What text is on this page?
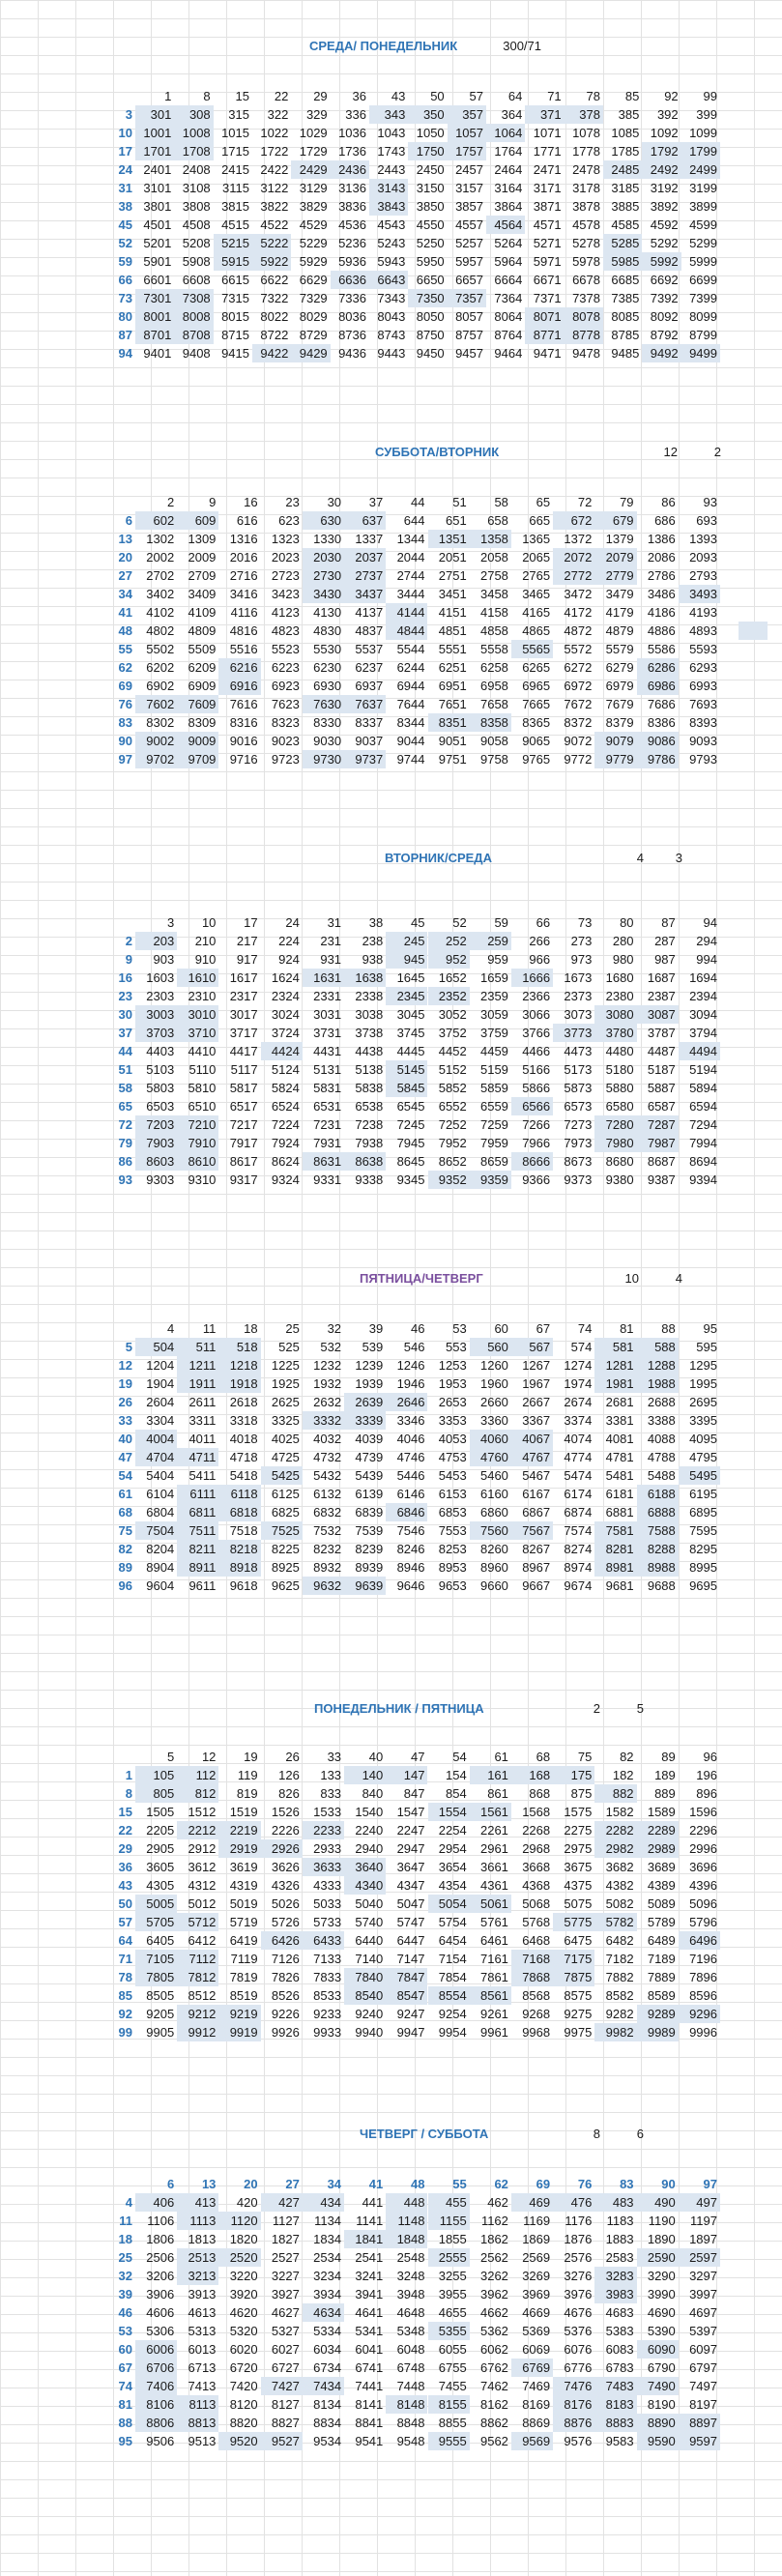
СРЕДА/ ПОНЕДЕЛЬНИК	300/71
1	8	15	22	29	36	43	50	57	64	71	78	85	92	99
3	301	308	315	322	329	336	343	350	357	364	371	378	385	392	399
10 1001 1008 1015 1022 1029 1036 1043 1050 1057 1064 1071 1078 1085 1092 1099
17 1701 1708 1715 1722 1729 1736 1743 1750 1757 1764 1771 1778 1785 1792 1799
24 2401 2408 2415 2422 2429 2436 2443 2450 2457 2464 2471 2478 2485 2492 2499
31 3101 3108 3115 3122 3129 3136 3143 3150 3157 3164 3171 3178 3185 3192 3199
38 3801 3808 3815 3822 3829 3836 3843 3850 3857 3864 3871 3878 3885 3892 3899
45 4501 4508 4515 4522 4529 4536 4543 4550 4557 4564 4571 4578 4585 4592 4599
52 5201 5208 5215 5222 5229 5236 5243 5250 5257 5264 5271 5278 5285 5292 5299
59 5901 5908 5915 5922 5929 5936 5943 5950 5957 5964 5971 5978 5985 5992 5999
66 6601 6608 6615 6622 6629 6636 6643 6650 6657 6664 6671 6678 6685 6692 6699
73 7301 7308 7315 7322 7329 7336 7343 7350 7357 7364 7371 7378 7385 7392 7399
80 8001 8008 8015 8022 8029 8036 8043 8050 8057 8064 8071 8078 8085 8092 8099
87 8701 8708 8715 8722 8729 8736 8743 8750 8757 8764 8771 8778 8785 8792 8799
94 9401 9408 9415 9422 9429 9436 9443 9450 9457 9464 9471 9478 9485 9492 9499
СУББОТА/ВТОРНИК	12	2
2	9	16	23	30	37	44	51	58	65	72	79	86	93
6	602	609	616	623	630	637	644	651	658	665	672	679	686	693
13	1302	1309	1316	1323	1330	1337	1344	1351	1358	1365	1372	1379	1386	1393
20	2002	2009	2016	2023	2030	2037	2044	2051	2058	2065	2072	2079	2086	2093
27	2702	2709	2716	2723	2730	2737	2744	2751	2758	2765	2772	2779	2786	2793
34	3402	3409	3416	3423	3430	3437	3444	3451	3458	3465	3472	3479	3486	3493
41	4102	4109	4116	4123	4130	4137	4144	4151	4158	4165	4172	4179	4186	4193
48	4802	4809	4816	4823	4830	4837	4844	4851	4858	4865	4872	4879	4886	4893
55	5502	5509	5516	5523	5530	5537	5544	5551	5558	5565	5572	5579	5586	5593
62	6202	6209	6216	6223	6230	6237	6244	6251	6258	6265	6272	6279	6286	6293
69	6902	6909	6916	6923	6930	6937	6944	6951	6958	6965	6972	6979	6986	6993
76	7602	7609	7616	7623	7630	7637	7644	7651	7658	7665	7672	7679	7686	7693
83	8302	8309	8316	8323	8330	8337	8344	8351	8358	8365	8372	8379	8386	8393
90	9002	9009	9016	9023	9030	9037	9044	9051	9058	9065	9072	9079	9086	9093
97	9702	9709	9716	9723	9730	9737	9744	9751	9758	9765	9772	9779	9786	9793
ВТОРНИК/СРЕДА	4	3
3	10	17	24	31	38	45	52	59	66	73	80	87	94
2	203	210	217	224	231	238	245	252	259	266	273	280	287	294
9	903	910	917	924	931	938	945	952	959	966	973	980	987	994
16	1603	1610	1617	1624	1631	1638	1645	1652	1659	1666	1673	1680	1687	1694
23	2303	2310	2317	2324	2331	2338	2345	2352	2359	2366	2373	2380	2387	2394
30	3003	3010	3017	3024	3031	3038	3045	3052	3059	3066	3073	3080	3087	3094
37	3703	3710	3717	3724	3731	3738	3745	3752	3759	3766	3773	3780	3787	3794
44	4403	4410	4417	4424	4431	4438	4445	4452	4459	4466	4473	4480	4487	4494
51	5103	5110	5117	5124	5131	5138	5145	5152	5159	5166	5173	5180	5187	5194
58	5803	5810	5817	5824	5831	5838	5845	5852	5859	5866	5873	5880	5887	5894
65	6503	6510	6517	6524	6531	6538	6545	6552	6559	6566	6573	6580	6587	6594
72	7203	7210	7217	7224	7231	7238	7245	7252	7259	7266	7273	7280	7287	7294
79	7903	7910	7917	7924	7931	7938	7945	7952	7959	7966	7973	7980	7987	7994
86	8603	8610	8617	8624	8631	8638	8645	8652	8659	8666	8673	8680	8687	8694
93	9303	9310	9317	9324	9331	9338	9345	9352	9359	9366	9373	9380	9387	9394
ПЯТНИЦА/ЧЕТВЕРГ	10	4
4	11	18	25	32	39	46	53	60	67	74	81	88	95
5	504	511	518	525	532	539	546	553	560	567	574	581	588	595
12	1204	1211	1218	1225	1232	1239	1246	1253	1260	1267	1274	1281	1288	1295
19	1904	1911	1918	1925	1932	1939	1946	1953	1960	1967	1974	1981	1988	1995
26	2604	2611	2618	2625	2632	2639	2646	2653	2660	2667	2674	2681	2688	2695
33	3304	3311	3318	3325	3332	3339	3346	3353	3360	3367	3374	3381	3388	3395
40	4004	4011	4018	4025	4032	4039	4046	4053	4060	4067	4074	4081	4088	4095
47	4704	4711	4718	4725	4732	4739	4746	4753	4760	4767	4774	4781	4788	4795
54	5404	5411	5418	5425	5432	5439	5446	5453	5460	5467	5474	5481	5488	5495
61	6104	6111	6118	6125	6132	6139	6146	6153	6160	6167	6174	6181	6188	6195
68	6804	6811	6818	6825	6832	6839	6846	6853	6860	6867	6874	6881	6888	6895
75	7504	7511	7518	7525	7532	7539	7546	7553	7560	7567	7574	7581	7588	7595
82	8204	8211	8218	8225	8232	8239	8246	8253	8260	8267	8274	8281	8288	8295
89	8904	8911	8918	8925	8932	8939	8946	8953	8960	8967	8974	8981	8988	8995
96	9604	9611	9618	9625	9632	9639	9646	9653	9660	9667	9674	9681	9688	9695
ПОНЕДЕЛЬНИК / ПЯТНИЦА	2	5
5	12	19	26	33	40	47	54	61	68	75	82	89	96
1	105	112	119	126	133	140	147	154	161	168	175	182	189	196
8	805	812	819	826	833	840	847	854	861	868	875	882	889	896
15	1505	1512	1519	1526	1533	1540	1547	1554	1561	1568	1575	1582	1589	1596
22	2205	2212	2219	2226	2233	2240	2247	2254	2261	2268	2275	2282	2289	2296
29	2905	2912	2919	2926	2933	2940	2947	2954	2961	2968	2975	2982	2989	2996
36	3605	3612	3619	3626	3633	3640	3647	3654	3661	3668	3675	3682	3689	3696
43	4305	4312	4319	4326	4333	4340	4347	4354	4361	4368	4375	4382	4389	4396
50	5005	5012	5019	5026	5033	5040	5047	5054	5061	5068	5075	5082	5089	5096
57	5705	5712	5719	5726	5733	5740	5747	5754	5761	5768	5775	5782	5789	5796
64	6405	6412	6419	6426	6433	6440	6447	6454	6461	6468	6475	6482	6489	6496
71	7105	7112	7119	7126	7133	7140	7147	7154	7161	7168	7175	7182	7189	7196
78	7805	7812	7819	7826	7833	7840	7847	7854	7861	7868	7875	7882	7889	7896
85	8505	8512	8519	8526	8533	8540	8547	8554	8561	8568	8575	8582	8589	8596
92	9205	9212	9219	9226	9233	9240	9247	9254	9261	9268	9275	9282	9289	9296
99	9905	9912	9919	9926	9933	9940	9947	9954	9961	9968	9975	9982	9989	9996
ЧЕТВЕРГ / СУББОТА	8	6
6	13	20	27	34	41	48	55	62	69	76	83	90	97
4	406	413	420	427	434	441	448	455	462	469	476	483	490	497
11	1106	1113	1120	1127	1134	1141	1148	1155	1162	1169	1176	1183	1190	1197
18	1806	1813	1820	1827	1834	1841	1848	1855	1862	1869	1876	1883	1890	1897
25	2506	2513	2520	2527	2534	2541	2548	2555	2562	2569	2576	2583	2590	2597
32	3206	3213	3220	3227	3234	3241	3248	3255	3262	3269	3276	3283	3290	3297
39	3906	3913	3920	3927	3934	3941	3948	3955	3962	3969	3976	3983	3990	3997
46	4606	4613	4620	4627	4634	4641	4648	4655	4662	4669	4676	4683	4690	4697
53	5306	5313	5320	5327	5334	5341	5348	5355	5362	5369	5376	5383	5390	5397
60	6006	6013	6020	6027	6034	6041	6048	6055	6062	6069	6076	6083	6090	6097
67	6706	6713	6720	6727	6734	6741	6748	6755	6762	6769	6776	6783	6790	6797
74	7406	7413	7420	7427	7434	7441	7448	7455	7462	7469	7476	7483	7490	7497
81	8106	8113	8120	8127	8134	8141	8148	8155	8162	8169	8176	8183	8190	8197
88	8806	8813	8820	8827	8834	8841	8848	8855	8862	8869	8876	8883	8890	8897
95	9506	9513	9520	9527	9534	9541	9548	9555	9562	9569	9576	9583	9590	9597
